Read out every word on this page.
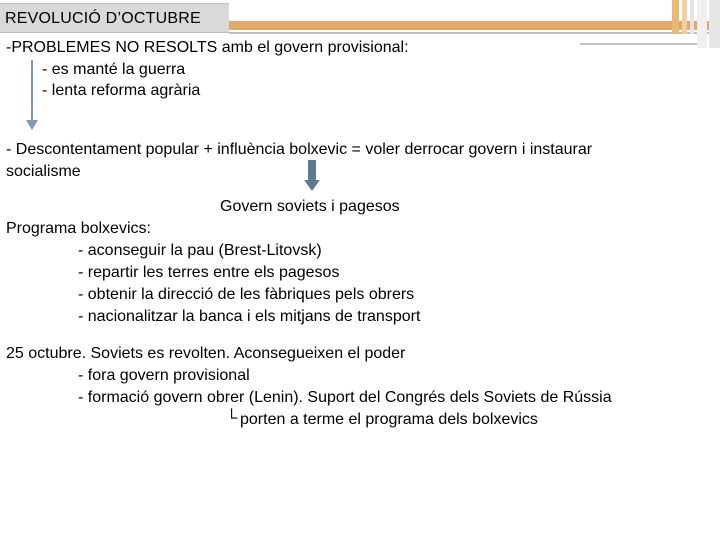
REVOLUCIÓ D’OCTUBRE
-PROBLEMES NO RESOLTS amb el govern provisional:
- es manté la guerra
- lenta reforma agrària
- Descontentament popular + influència bolxevic = voler derrocar govern i instaurar
socialisme
Govern soviets i pagesos
Programa bolxevics:
- aconseguir la pau (Brest-Litovsk)
- repartir les terres entre els pagesos
- obtenir la direcció de les fàbriques pels obrers
- nacionalitzar la banca i els mitjans de transport
25 octubre. Soviets es revolten. Aconsegueixen el poder
- fora govern provisional
- formació govern obrer (Lenin). Suport del Congrés dels Soviets de Rússia
└ porten a terme el programa dels bolxevics
